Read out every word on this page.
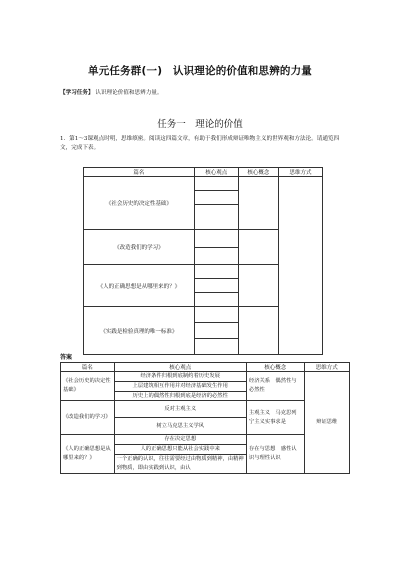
单元任务群(一)　认识理论的价值和思辨的力量
【学习任务】 认识理论价值和思辨力量。
任务一　理论的价值
1．第1～3课观点时明，思维缜密。阅读这四篇文章，有助于我们形成辩证唯物主义的世界观和方法论。请通览四文，完成下表。
篇名	核心观点	核心概念	思维方式
《社会历史的决定性基础》	

《改造我们的学习》		

《人的正确思想是从哪里来的？》		

《实践是检验真理的唯一标准》		

答案
篇名	核心观点	核心概念	思维方式
《社会历史的决定性基础》	经济条件归根到底制约着历史发展	经济关系　偶然性与必然性	辩证思维
	上层建筑相互作用并对经济基础发生作用		
	历史上的偶然性归根到底是经济的必然性		
《改造我们的学习》	反对主观主义	主观主义　马克思列宁主义实事求是	
	树立马克思主义学风		
《人的正确思想是从哪里来的？》	存在决定思想	存在与思想　感性认识与理性认识	
	人的正确思想只能从社会实践中来		
	一个正确的认识，往往需要经过由物质到精神，由精神到物质，即由实践到认识，由认		
